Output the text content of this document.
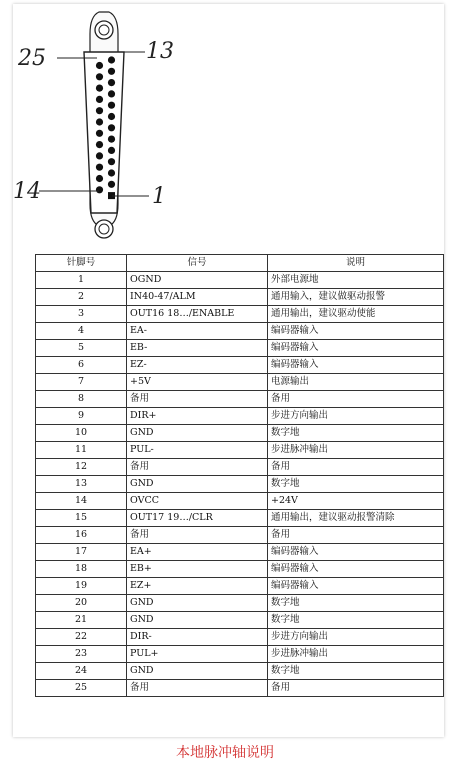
25	13
14	1
针脚号	信号	说明
1	OGND	外部电源地
2	IN40-47/ALM	通用输入，建议做驱动报警
3	OUT16 18…/ENABLE	通用输出，建议驱动使能
4	EA-	编码器输入
5	EB-	编码器输入
6	EZ-	编码器输入
7	+5V	电源输出
8	备用	备用
9	DIR+	步进方向输出
10	GND	数字地
11	PUL-	步进脉冲输出
12	备用	备用
13	GND	数字地
14	OVCC	+24V
15	OUT17 19…/CLR	通用输出，建议驱动报警清除
16	备用	备用
17	EA+	编码器输入
18	EB+	编码器输入
19	EZ+	编码器输入
20	GND	数字地
21	GND	数字地
22	DIR-	步进方向输出
23	PUL+	步进脉冲输出
24	GND	数字地
25	备用	备用
本地脉冲轴说明
